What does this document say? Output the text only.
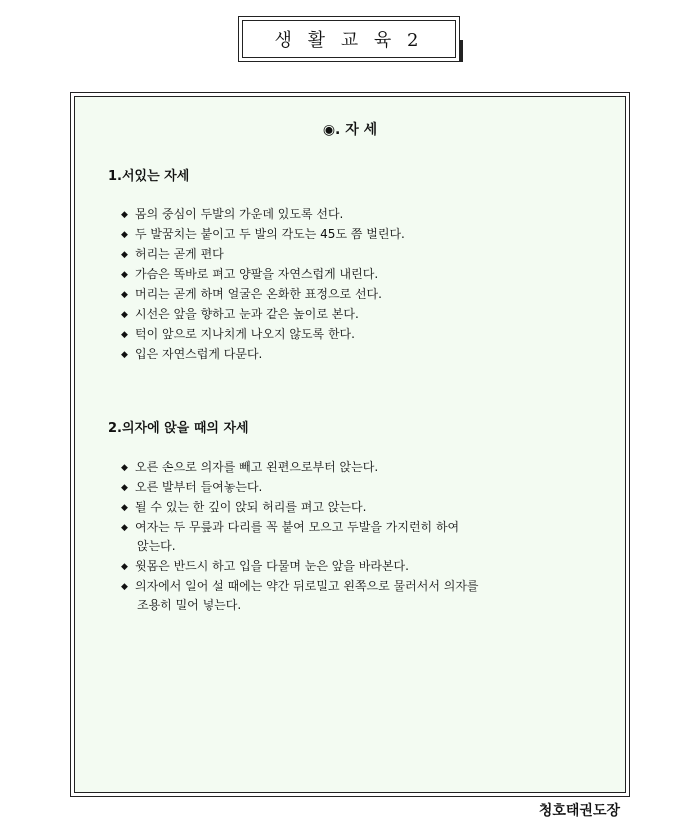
생 활 교 육 2
◉. 자 세
1.서있는 자세
◆ 몸의 중심이 두발의 가운데 있도록 선다.
◆ 두 발꿈치는 붙이고 두 발의 각도는 45도 쯤 벌린다.
◆ 허리는 곧게 편다
◆ 가슴은 똑바로 펴고 양팔을 자연스럽게 내린다.
◆ 머리는 곧게 하며 얼굴은 온화한 표정으로 선다.
◆ 시선은 앞을 향하고 눈과 같은 높이로 본다.
◆ 턱이 앞으로 지나치게 나오지 않도록 한다.
◆ 입은 자연스럽게 다문다.
2.의자에 앉을 때의 자세
◆ 오른 손으로 의자를 빼고 왼편으로부터 앉는다.
◆ 오른 발부터 들여놓는다.
◆ 될 수 있는 한 깊이 앉되 허리를 펴고 앉는다.
◆ 여자는 두 무릎과 다리를 꼭 붙여 모으고 두발을 가지런히 하여
앉는다.
◆ 윗몸은 반드시 하고 입을 다물며 눈은 앞을 바라본다.
◆ 의자에서 일어 설 때에는 약간 뒤로밀고 왼쪽으로 물러서서 의자를
조용히 밀어 넣는다.
청호태권도장
